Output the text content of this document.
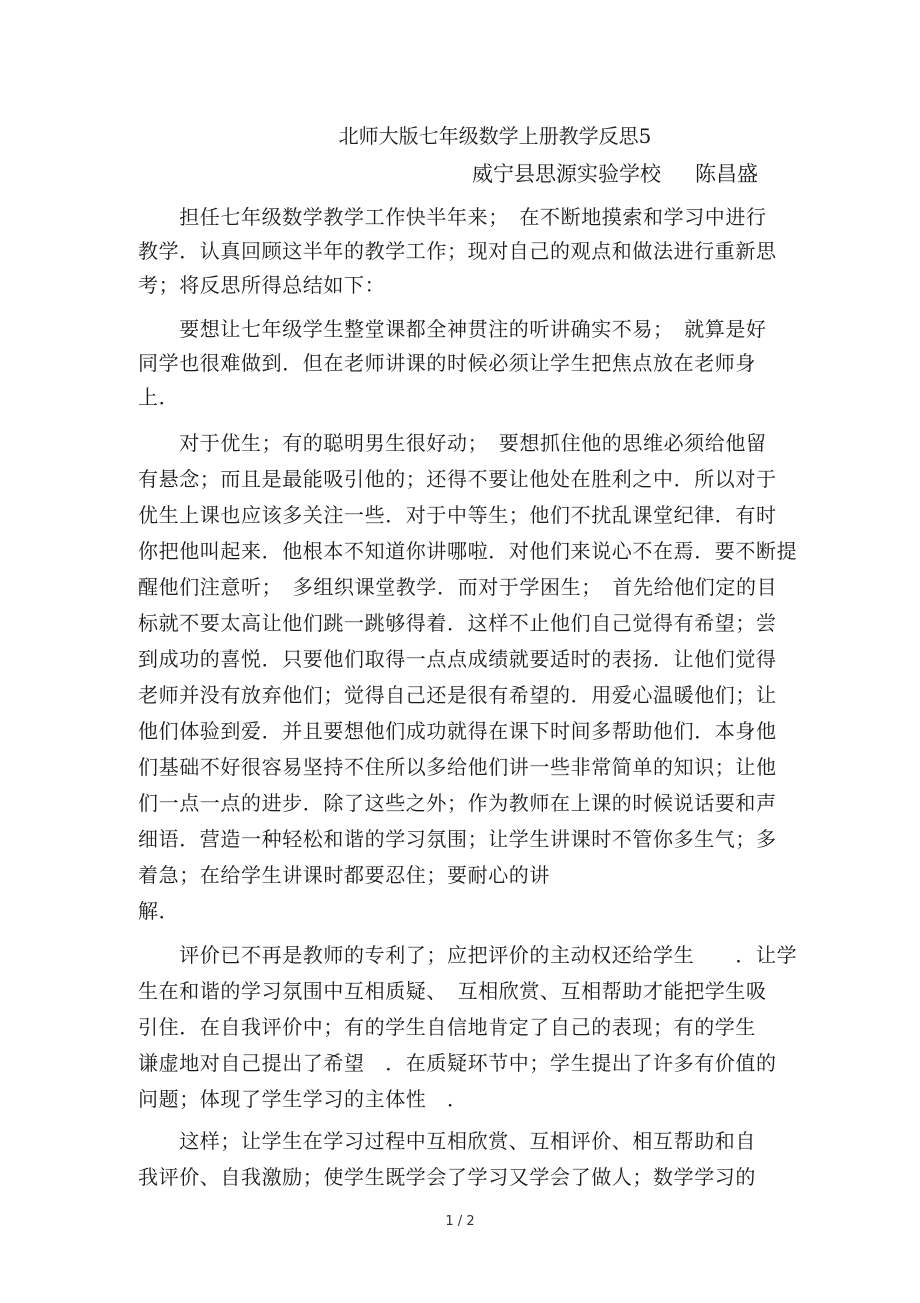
北师大版七年级数学上册教学反思5
威宁县思源实验学校 陈昌盛
　　担任七年级数学教学工作快半年来；　在不断地摸索和学习中进行
教学．认真回顾这半年的教学工作；现对自己的观点和做法进行重新思
考；将反思所得总结如下：
　　要想让七年级学生整堂课都全神贯注的听讲确实不易；　就算是好
同学也很难做到．但在老师讲课的时候必须让学生把焦点放在老师身
上．
　　对于优生；有的聪明男生很好动；　要想抓住他的思维必须给他留
有悬念；而且是最能吸引他的；还得不要让他处在胜利之中．所以对于
优生上课也应该多关注一些．对于中等生；他们不扰乱课堂纪律．有时
你把他叫起来．他根本不知道你讲哪啦．对他们来说心不在焉．要不断提
醒他们注意听；　多组织课堂教学．而对于学困生；　首先给他们定的目
标就不要太高让他们跳一跳够得着．这样不止他们自己觉得有希望；尝
到成功的喜悦．只要他们取得一点点成绩就要适时的表扬．让他们觉得
老师并没有放弃他们；觉得自己还是很有希望的．用爱心温暖他们；让
他们体验到爱．并且要想他们成功就得在课下时间多帮助他们．本身他
们基础不好很容易坚持不住所以多给他们讲一些非常简单的知识；让他
们一点一点的进步．除了这些之外；作为教师在上课的时候说话要和声
细语．营造一种轻松和谐的学习氛围；让学生讲课时不管你多生气；多
着急；在给学生讲课时都要忍住；要耐心的讲
解．
　　评价已不再是教师的专利了；应把评价的主动权还给学生　　．让学
生在和谐的学习氛围中互相质疑、　互相欣赏、互相帮助才能把学生吸
引住．在自我评价中；有的学生自信地肯定了自己的表现；有的学生
谦虚地对自己提出了希望　．在质疑环节中；学生提出了许多有价值的
问题；体现了学生学习的主体性　．
　　这样；让学生在学习过程中互相欣赏、互相评价、相互帮助和自
我评价、自我激励；使学生既学会了学习又学会了做人；数学学习的
1 / 2
